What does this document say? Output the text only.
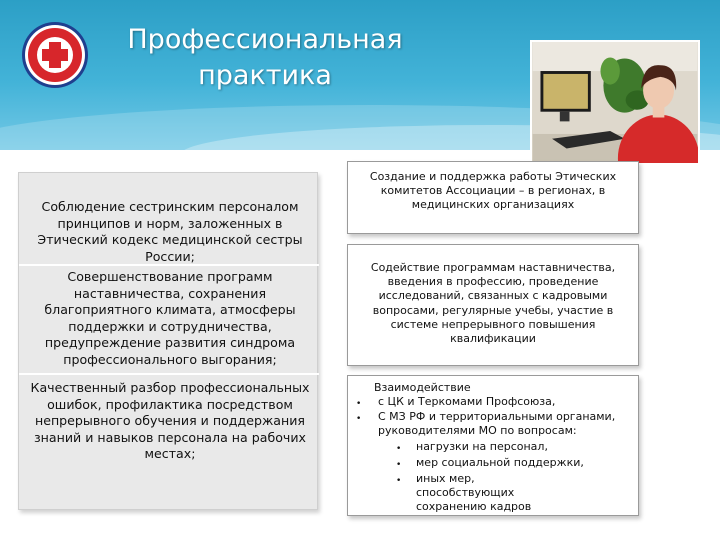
Профессиональная
практика
Соблюдение сестринским персоналом принципов и норм, заложенных в Этический кодекс медицинской сестры России;
Совершенствование программ наставничества, сохранения благоприятного климата, атмосферы поддержки и сотрудничества, предупреждение развития синдрома профессионального выгорания;
Качественный разбор профессиональных ошибок, профилактика посредством непрерывного обучения и поддержания знаний и навыков персонала на рабочих местах;

Создание и поддержка работы Этических комитетов Ассоциации – в регионах, в медицинских организациях

Содействие программам наставничества, введения в профессию, проведение исследований, связанных с кадровыми вопросами, регулярные учебы, участие в системе непрерывного повышения квалификации

Взаимодействие
• с ЦК и Теркомами Профсоюза,
• С МЗ РФ и территориальными органами, руководителями МО по вопросам:
• нагрузки на персонал,
• мер социальной поддержки,
• иных мер, способствующих сохранению кадров
